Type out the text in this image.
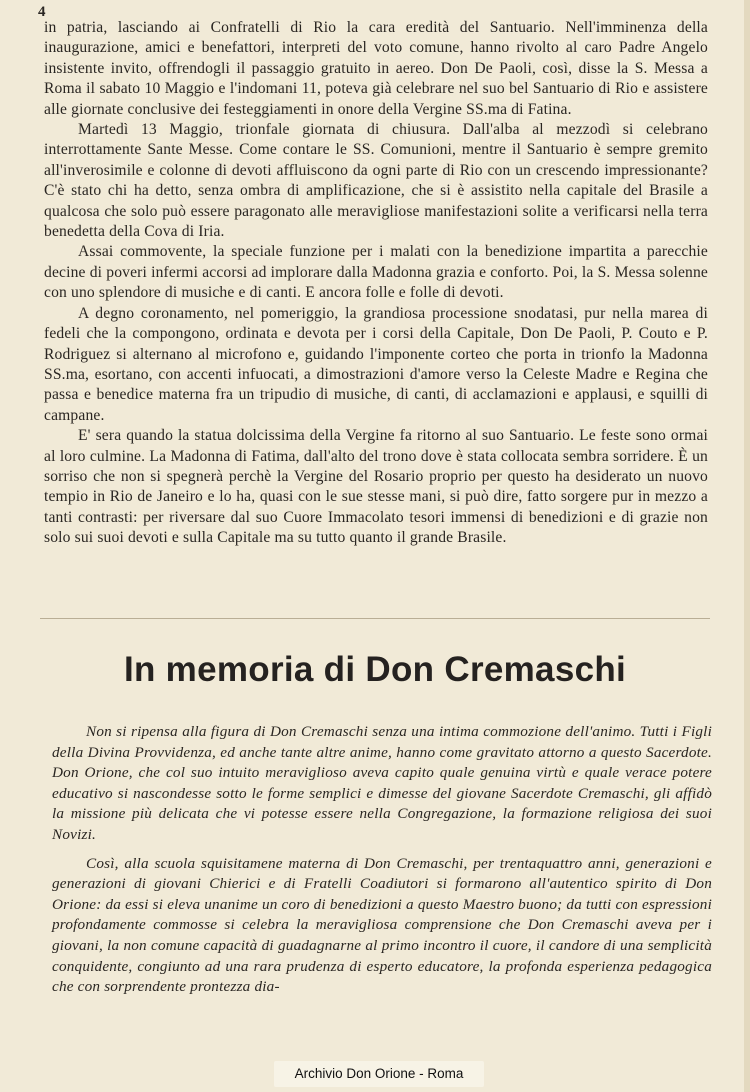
4

in patria, lasciando ai Confratelli di Rio la cara eredità del Santuario. Nell'imminenza della inaugurazione, amici e benefattori, interpreti del voto comune, hanno rivolto al caro Padre Angelo insistente invito, offrendogli il passaggio gratuito in aereo. Don De Paoli, così, disse la S. Messa a Roma il sabato 10 Maggio e l'indomani 11, poteva già celebrare nel suo bel Santuario di Rio e assistere alle giornate conclusive dei festeggiamenti in onore della Vergine SS.ma di Fatina.

Martedì 13 Maggio, trionfale giornata di chiusura. Dall'alba al mezzodì si celebrano interrottamente Sante Messe. Come contare le SS. Comunioni, mentre il Santuario è sempre gremito all'inverosimile e colonne di devoti affluiscono da ogni parte di Rio con un crescendo impressionante? C'è stato chi ha detto, senza ombra di amplificazione, che si è assistito nella capitale del Brasile a qualcosa che solo può essere paragonato alle meravigliose manifestazioni solite a verificarsi nella terra benedetta della Cova di Iria.

Assai commovente, la speciale funzione per i malati con la benedizione impartita a parecchie decine di poveri infermi accorsi ad implorare dalla Madonna grazia e conforto. Poi, la S. Messa solenne con uno splendore di musiche e di canti. E ancora folle e folle di devoti.

A degno coronamento, nel pomeriggio, la grandiosa processione snodatasi, pur nella marea di fedeli che la compongono, ordinata e devota per i corsi della Capitale, Don De Paoli, P. Couto e P. Rodriguez si alternano al microfono e, guidando l'imponente corteo che porta in trionfo la Madonna SS.ma, esortano, con accenti infuocati, a dimostrazioni d'amore verso la Celeste Madre e Regina che passa e benedice materna fra un tripudio di musiche, di canti, di acclamazioni e applausi, e squilli di campane.

E' sera quando la statua dolcissima della Vergine fa ritorno al suo Santuario. Le feste sono ormai al loro culmine. La Madonna di Fatima, dall'alto del trono dove è stata collocata sembra sorridere. È un sorriso che non si spegnerà perchè la Vergine del Rosario proprio per questo ha desiderato un nuovo tempio in Rio de Janeiro e lo ha, quasi con le sue stesse mani, si può dire, fatto sorgere pur in mezzo a tanti contrasti: per riversare dal suo Cuore Immacolato tesori immensi di benedizioni e di grazie non solo sui suoi devoti e sulla Capitale ma su tutto quanto il grande Brasile.

In memoria di Don Cremaschi

Non si ripensa alla figura di Don Cremaschi senza una intima commozione dell'animo. Tutti i Figli della Divina Provvidenza, ed anche tante altre anime, hanno come gravitato attorno a questo Sacerdote. Don Orione, che col suo intuito meraviglioso aveva capito quale genuina virtù e quale verace potere educativo si nascondesse sotto le forme semplici e dimesse del giovane Sacerdote Cremaschi, gli affidò la missione più delicata che vi potesse essere nella Congregazione, la formazione religiosa dei suoi Novizi.

Così, alla scuola squisitamene materna di Don Cremaschi, per trentaquattro anni, generazioni e generazioni di giovani Chierici e di Fratelli Coadiutori si formarono all'autentico spirito di Don Orione: da essi si eleva unanime un coro di benedizioni a questo Maestro buono; da tutti con espressioni profondamente commosse si celebra la meravigliosa comprensione che Don Cremaschi aveva per i giovani, la non comune capacità di guadagnarne al primo incontro il cuore, il candore di una semplicità conquidente, congiunto ad una rara prudenza di esperto educatore, la profonda esperienza pedagogica che con sorprendente prontezza dia-

Archivio Don Orione - Roma
